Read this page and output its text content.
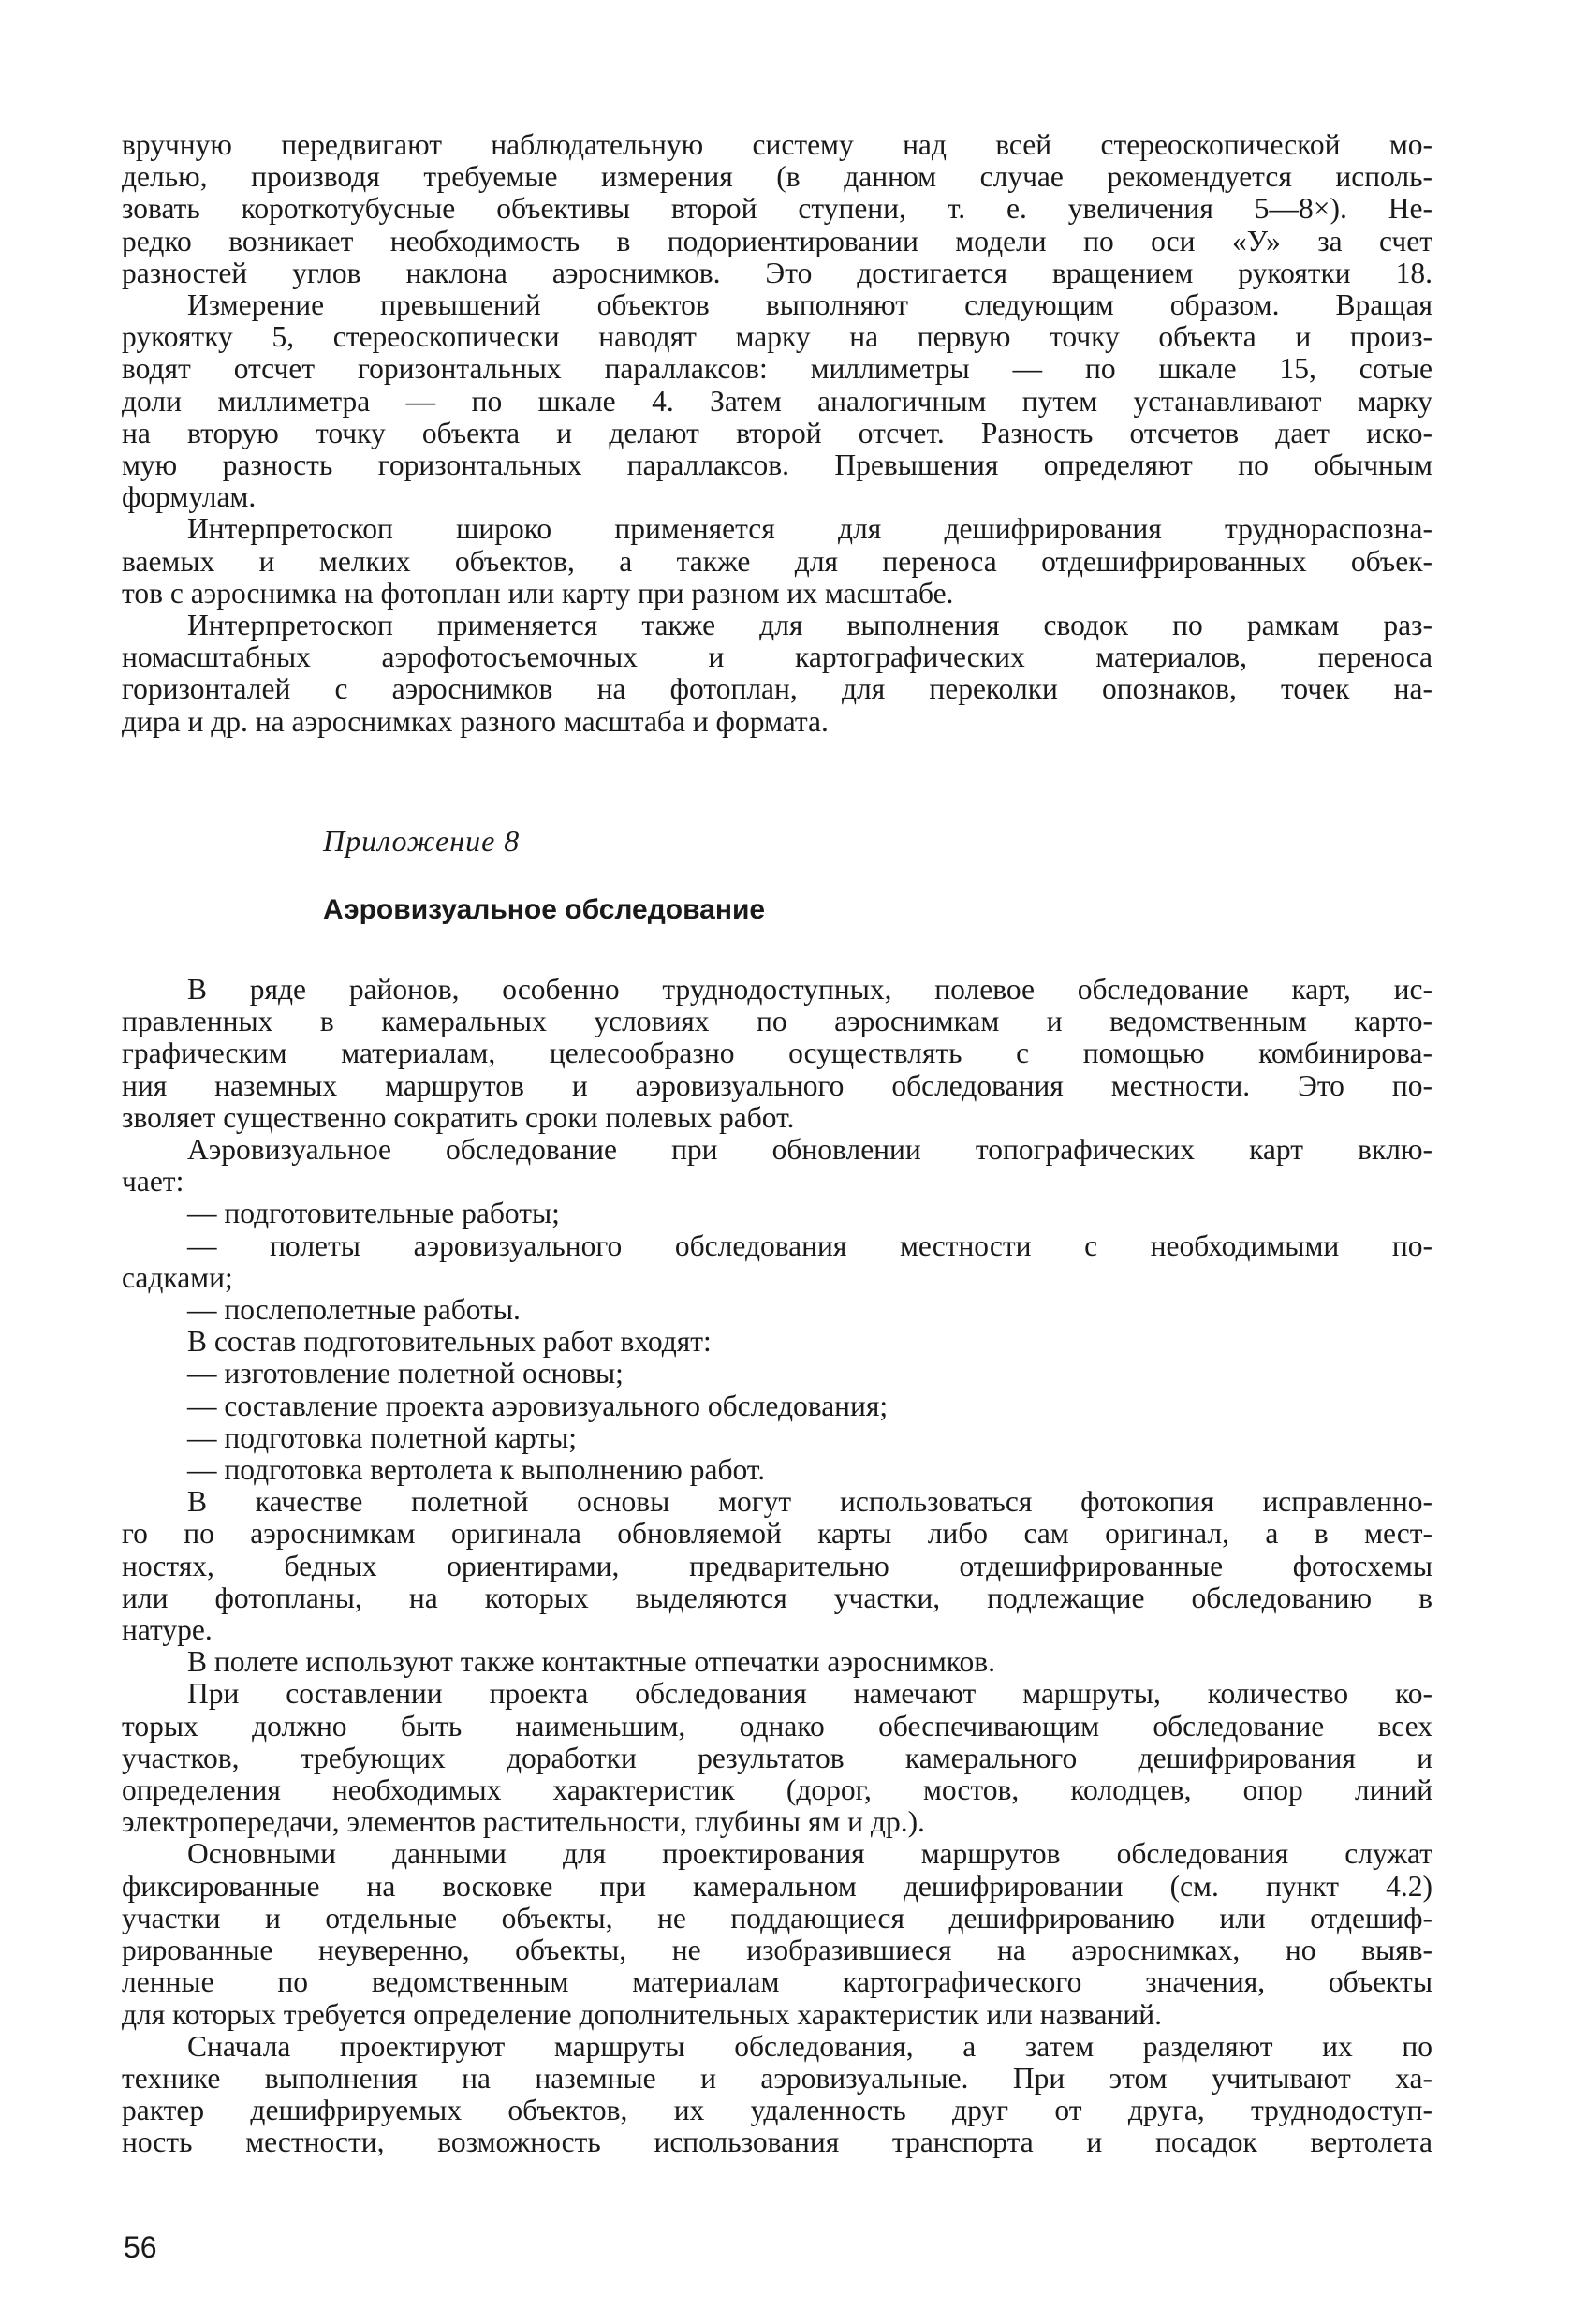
вручную передвигают наблюдательную систему над всей стереоскопической мо-
делью, производя требуемые измерения (в данном случае рекомендуется исполь-
зовать короткотубусные объективы второй ступени, т. е. увеличения 5—8×). Не-
редко возникает необходимость в подориентировании модели по оси «У» за счет
разностей углов наклона аэроснимков. Это достигается вращением рукоятки 18.
Измерение превышений объектов выполняют следующим образом. Вращая
рукоятку 5, стереоскопически наводят марку на первую точку объекта и произ-
водят отсчет горизонтальных параллаксов: миллиметры — по шкале 15, сотые
доли миллиметра — по шкале 4. Затем аналогичным путем устанавливают марку
на вторую точку объекта и делают второй отсчет. Разность отсчетов дает иско-
мую разность горизонтальных параллаксов. Превышения определяют по обычным
формулам.
Интерпретоскоп широко применяется для дешифрирования труднораспозна-
ваемых и мелких объектов, а также для переноса отдешифрированных объек-
тов с аэроснимка на фотоплан или карту при разном их масштабе.
Интерпретоскоп применяется также для выполнения сводок по рамкам раз-
номасштабных аэрофотосъемочных и картографических материалов, переноса
горизонталей с аэроснимков на фотоплан, для переколки опознаков, точек на-
дира и др. на аэроснимках разного масштаба и формата.
Приложение 8
Аэровизуальное обследование
В ряде районов, особенно труднодоступных, полевое обследование карт, ис-
правленных в камеральных условиях по аэроснимкам и ведомственным карто-
графическим материалам, целесообразно осуществлять с помощью комбинирова-
ния наземных маршрутов и аэровизуального обследования местности. Это по-
зволяет существенно сократить сроки полевых работ.
Аэровизуальное обследование при обновлении топографических карт вклю-
чает:
— подготовительные работы;
— полеты аэровизуального обследования местности с необходимыми по-
садками;
— послеполетные работы.
В состав подготовительных работ входят:
— изготовление полетной основы;
— составление проекта аэровизуального обследования;
— подготовка полетной карты;
— подготовка вертолета к выполнению работ.
В качестве полетной основы могут использоваться фотокопия исправленно-
го по аэроснимкам оригинала обновляемой карты либо сам оригинал, а в мест-
ностях, бедных ориентирами, предварительно отдешифрированные фотосхемы
или фотопланы, на которых выделяются участки, подлежащие обследованию в
натуре.
В полете используют также контактные отпечатки аэроснимков.
При составлении проекта обследования намечают маршруты, количество ко-
торых должно быть наименьшим, однако обеспечивающим обследование всех
участков, требующих доработки результатов камерального дешифрирования и
определения необходимых характеристик (дорог, мостов, колодцев, опор линий
электропередачи, элементов растительности, глубины ям и др.).
Основными данными для проектирования маршрутов обследования служат
фиксированные на восковке при камеральном дешифрировании (см. пункт 4.2)
участки и отдельные объекты, не поддающиеся дешифрированию или отдешиф-
рированные неуверенно, объекты, не изобразившиеся на аэроснимках, но выяв-
ленные по ведомственным материалам картографического значения, объекты
для которых требуется определение дополнительных характеристик или названий.
Сначала проектируют маршруты обследования, а затем разделяют их по
технике выполнения на наземные и аэровизуальные. При этом учитывают ха-
рактер дешифрируемых объектов, их удаленность друг от друга, труднодоступ-
ность местности, возможность использования транспорта и посадок вертолета
56
